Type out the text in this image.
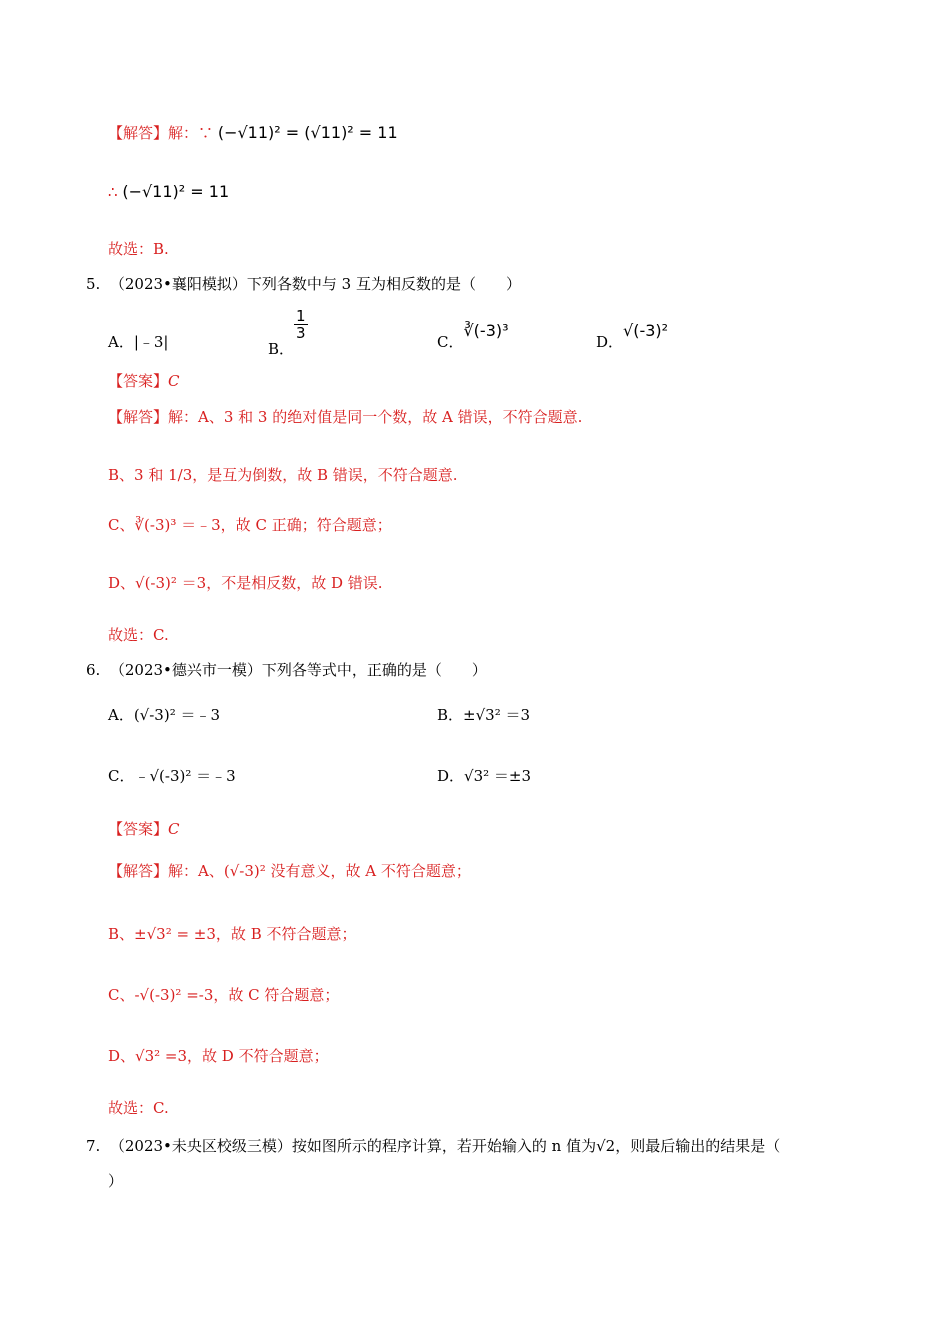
【解答】解：∵ (−√11)² = (√11)² = 11
∴ (−√11)² = 11
故选：B.
5. （2023•襄阳模拟）下列各数中与 3 互为相反数的是（　　）
A．|﹣3|	B．
$\frac{1}{3}$
C．∛(-3)³
D．√(-3)²
【答案】C
【解答】解：A、3 和 3 的绝对值是同一个数，故 A 错误，不符合题意.
B、3 和 1/3，是互为倒数，故 B 错误，不符合题意.
C、∛(-3)³ ＝﹣3，故 C 正确；符合题意；
D、√(-3)² ＝3，不是相反数，故 D 错误.
故选：C.
6. （2023•德兴市一模）下列各等式中，正确的是（　　）
A．(√-3)² ＝﹣3	B．±√3² ＝3
C．﹣√(-3)² ＝﹣3	D．√3² ＝±3
【答案】C
【解答】解：A、(√-3)² 没有意义，故 A 不符合题意；
B、±√3² = ±3，故 B 不符合题意；
C、-√(-3)² =-3，故 C 符合题意；
D、√3² =3，故 D 不符合题意；
故选：C.
7. （2023•未央区校级三模）按如图所示的程序计算，若开始输入的 n 值为√2，则最后输出的结果是（
）
